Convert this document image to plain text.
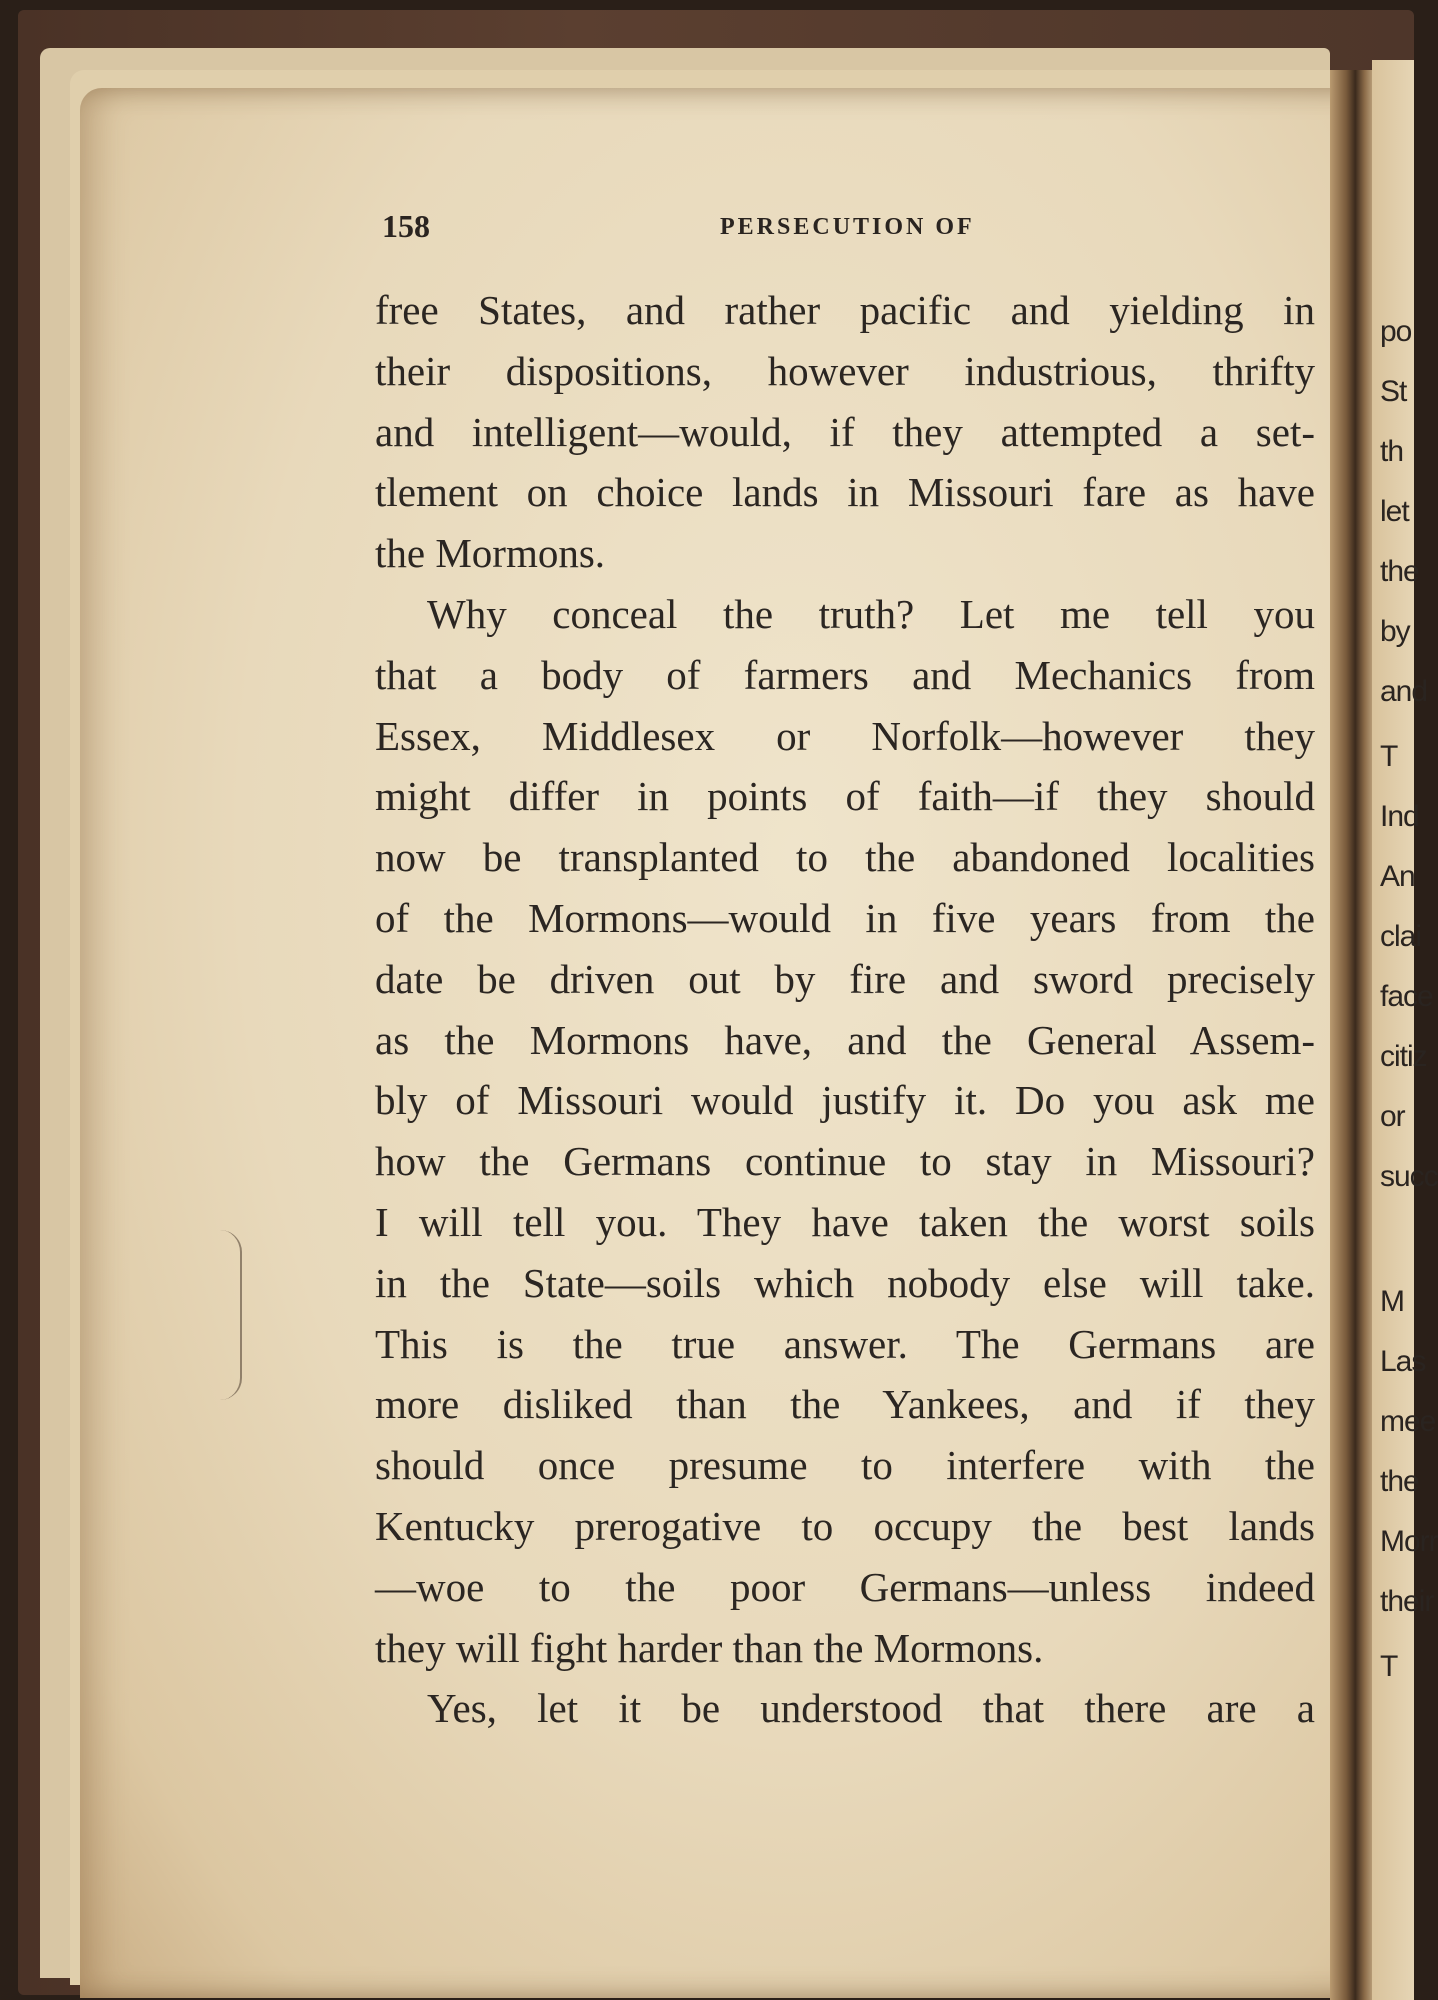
po
St
th
let
the
by
and
T
Ind
An
clai
face
citiz
or
succ
M
Las
mee
the
Morr
their
T
158	PERSECUTION OF
free States, and rather pacific and yielding in
their dispositions, however industrious, thrifty
and intelligent—would, if they attempted a set-
tlement on choice lands in Missouri fare as have
the Mormons.
Why conceal the truth? Let me tell you
that a body of farmers and Mechanics from
Essex, Middlesex or Norfolk—however they
might differ in points of faith—if they should
now be transplanted to the abandoned localities
of the Mormons—would in five years from the
date be driven out by fire and sword precisely
as the Mormons have, and the General Assem-
bly of Missouri would justify it. Do you ask me
how the Germans continue to stay in Missouri?
I will tell you. They have taken the worst soils
in the State—soils which nobody else will take.
This is the true answer. The Germans are
more disliked than the Yankees, and if they
should once presume to interfere with the
Kentucky prerogative to occupy the best lands
—woe to the poor Germans—unless indeed
they will fight harder than the Mormons.
Yes, let it be understood that there are a
